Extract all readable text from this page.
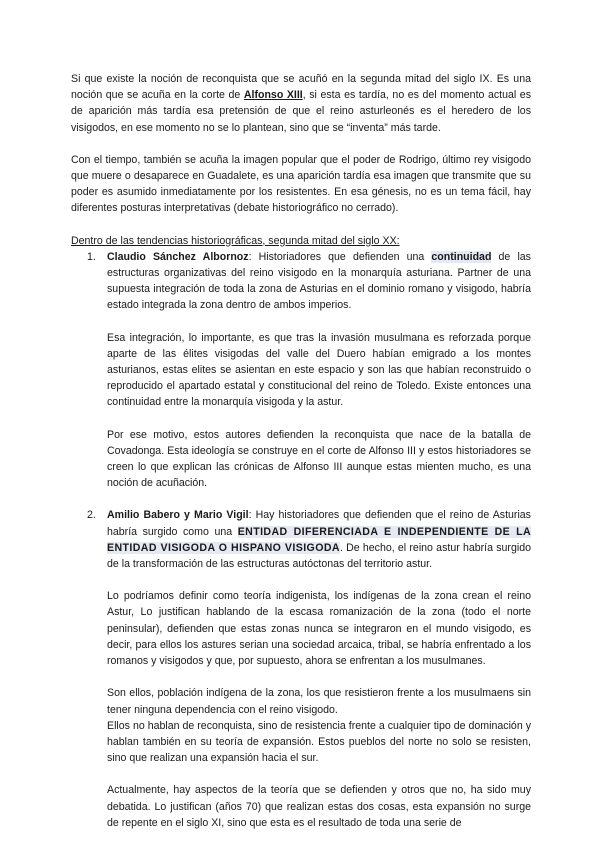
Si que existe la noción de reconquista que se acuñó en la segunda mitad del siglo IX. Es una noción que se acuña en la corte de Alfonso XIII, si esta es tardía, no es del momento actual es de aparición más tardía esa pretensión de que el reino asturleonés es el heredero de los visigodos, en ese momento no se lo plantean, sino que se “inventa” más tarde.

Con el tiempo, también se acuña la imagen popular que el poder de Rodrigo, último rey visigodo que muere o desaparece en Guadalete, es una aparición tardía esa imagen que transmite que su poder es asumido inmediatamente por los resistentes. En esa génesis, no es un tema fácil, hay diferentes posturas interpretativas (debate historiográfico no cerrado).

Dentro de las tendencias historiográficas, segunda mitad del siglo XX:

1. Claudio Sánchez Albornoz: Historiadores que defienden una continuidad de las estructuras organizativas del reino visigodo en la monarquía asturiana. Partner de una supuesta integración de toda la zona de Asturias en el dominio romano y visigodo, habría estado integrada la zona dentro de ambos imperios.

Esa integración, lo importante, es que tras la invasión musulmana es reforzada porque aparte de las élites visigodas del valle del Duero habían emigrado a los montes asturianos, estas elites se asientan en este espacio y son las que habían reconstruido o reproducido el apartado estatal y constitucional del reino de Toledo. Existe entonces una continuidad entre la monarquía visigoda y la astur.

Por ese motivo, estos autores defienden la reconquista que nace de la batalla de Covadonga. Esta ideología se construye en el corte de Alfonso III y estos historiadores se creen lo que explican las crónicas de Alfonso III aunque estas mienten mucho, es una noción de acuñación.

2. Amilio Babero y Mario Vigil: Hay historiadores que defienden que el reino de Asturias habría surgido como una ENTIDAD DIFERENCIADA E INDEPENDIENTE DE LA ENTIDAD VISIGODA O HISPANO VISIGODA. De hecho, el reino astur habría surgido de la transformación de las estructuras autóctonas del territorio astur.

Lo podríamos definir como teoría indigenista, los indígenas de la zona crean el reino Astur, Lo justifican hablando de la escasa romanización de la zona (todo el norte peninsular), defienden que estas zonas nunca se integraron en el mundo visigodo, es decir, para ellos los astures serian una sociedad arcaica, tribal, se habría enfrentado a los romanos y visigodos y que, por supuesto, ahora se enfrentan a los musulmanes.

Son ellos, población indígena de la zona, los que resistieron frente a los musulmaens sin tener ninguna dependencia con el reino visigodo.

Ellos no hablan de reconquista, sino de resistencia frente a cualquier tipo de dominación y hablan también en su teoría de expansión. Estos pueblos del norte no solo se resisten, sino que realizan una expansión hacia el sur.

Actualmente, hay aspectos de la teoría que se defienden y otros que no, ha sido muy debatida. Lo justifican (años 70) que realizan estas dos cosas, esta expansión no surge de repente en el siglo XI, sino que esta es el resultado de toda una serie de
